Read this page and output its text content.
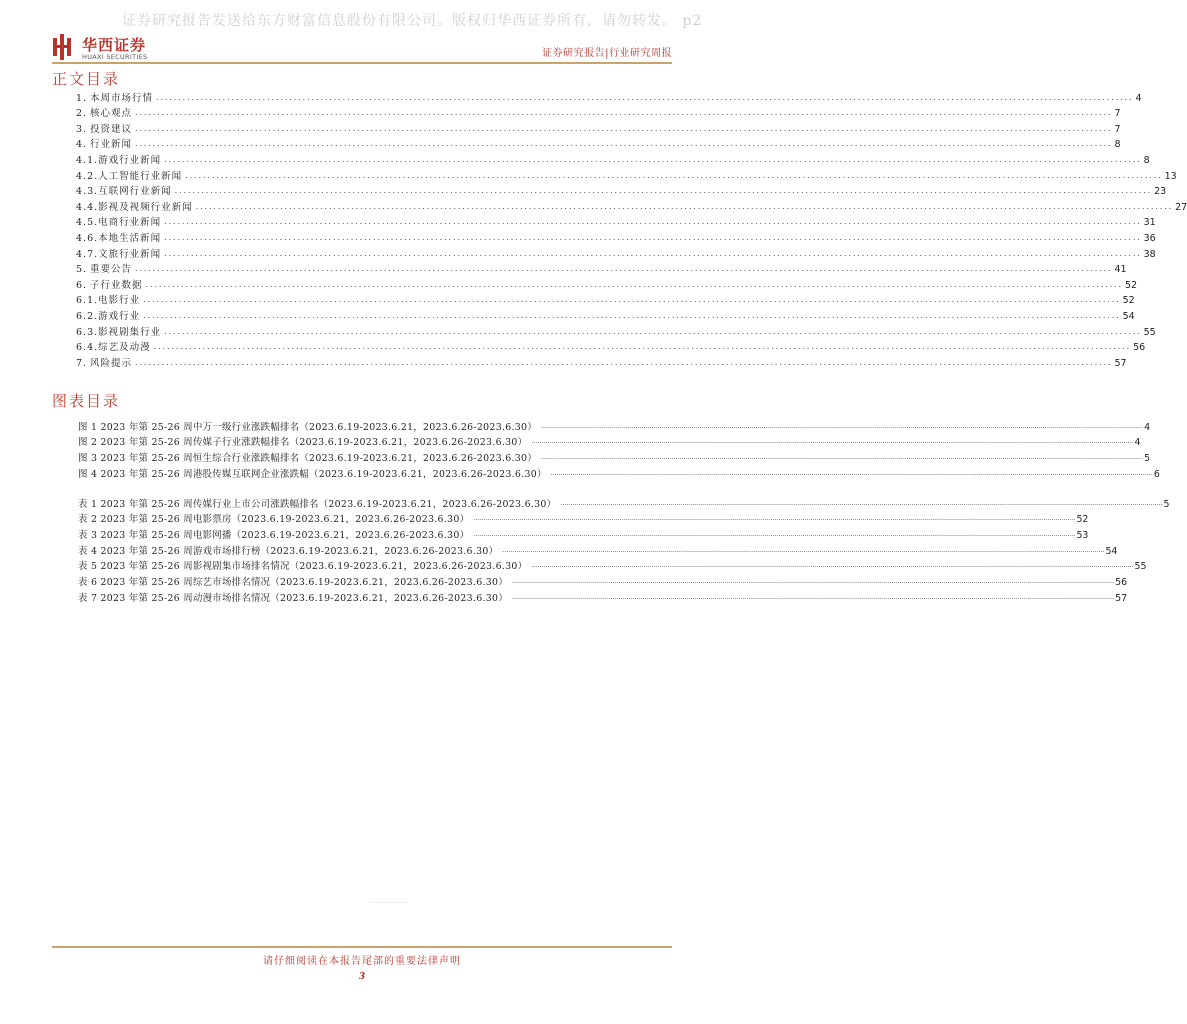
证券研究报告发送给东方财富信息股份有限公司。版权归华西证券所有，请勿转发。 p2
华西证券
HUAXI SECURITIES	证券研究报告|行业研究周报
正文目录
1. 本周市场行情 ............................................................................................................................................................................................................................ 4
2. 核心观点 ............................................................................................................................................................................................................................ 7
3. 投资建议 ............................................................................................................................................................................................................................ 7
4. 行业新闻 ............................................................................................................................................................................................................................ 8
4.1.游戏行业新闻 ............................................................................................................................................................................................................................ 8
4.2.人工智能行业新闻 ............................................................................................................................................................................................................................ 13
4.3.互联网行业新闻 ............................................................................................................................................................................................................................ 23
4.4.影视及视频行业新闻 ............................................................................................................................................................................................................................ 27
4.5.电商行业新闻 ............................................................................................................................................................................................................................ 31
4.6.本地生活新闻 ............................................................................................................................................................................................................................ 36
4.7.文旅行业新闻 ............................................................................................................................................................................................................................ 38
5. 重要公告 ............................................................................................................................................................................................................................ 41
6. 子行业数据 ............................................................................................................................................................................................................................ 52
6.1.电影行业 ............................................................................................................................................................................................................................ 52
6.2.游戏行业 ............................................................................................................................................................................................................................ 54
6.3.影视剧集行业 ............................................................................................................................................................................................................................ 55
6.4.综艺及动漫 ............................................................................................................................................................................................................................ 56
7. 风险提示 ............................................................................................................................................................................................................................ 57
图表目录
图 1 2023 年第 25-26 周中万一级行业涨跌幅排名（2023.6.19-2023.6.21，2023.6.26-2023.6.30） ............................................................................................................................................................................................................................................................................................................ 4
图 2 2023 年第 25-26 周传媒子行业涨跌幅排名（2023.6.19-2023.6.21，2023.6.26-2023.6.30） ............................................................................................................................................................................................................................................................................................................ 4
图 3 2023 年第 25-26 周恒生综合行业涨跌幅排名（2023.6.19-2023.6.21，2023.6.26-2023.6.30） ............................................................................................................................................................................................................................................................................................................ 5
图 4 2023 年第 25-26 周港股传媒互联网企业涨跌幅（2023.6.19-2023.6.21，2023.6.26-2023.6.30） ............................................................................................................................................................................................................................................................................................................ 6
表 1 2023 年第 25-26 周传媒行业上市公司涨跌幅排名（2023.6.19-2023.6.21，2023.6.26-2023.6.30） ............................................................................................................................................................................................................................................................................................................ 5
表 2 2023 年第 25-26 周电影票房（2023.6.19-2023.6.21，2023.6.26-2023.6.30） ............................................................................................................................................................................................................................................................................................................ 52
表 3 2023 年第 25-26 周电影网播（2023.6.19-2023.6.21，2023.6.26-2023.6.30） ............................................................................................................................................................................................................................................................................................................ 53
表 4 2023 年第 25-26 周游戏市场排行榜（2023.6.19-2023.6.21，2023.6.26-2023.6.30） ............................................................................................................................................................................................................................................................................................................ 54
表 5 2023 年第 25-26 周影视剧集市场排名情况（2023.6.19-2023.6.21，2023.6.26-2023.6.30） ............................................................................................................................................................................................................................................................................................................ 55
表 6 2023 年第 25-26 周综艺市场排名情况（2023.6.19-2023.6.21，2023.6.26-2023.6.30） ............................................................................................................................................................................................................................................................................................................ 56
表 7 2023 年第 25-26 周动漫市场排名情况（2023.6.19-2023.6.21，2023.6.26-2023.6.30） ............................................................................................................................................................................................................................................................................................................ 57
请仔细阅读在本报告尾部的重要法律声明
3
